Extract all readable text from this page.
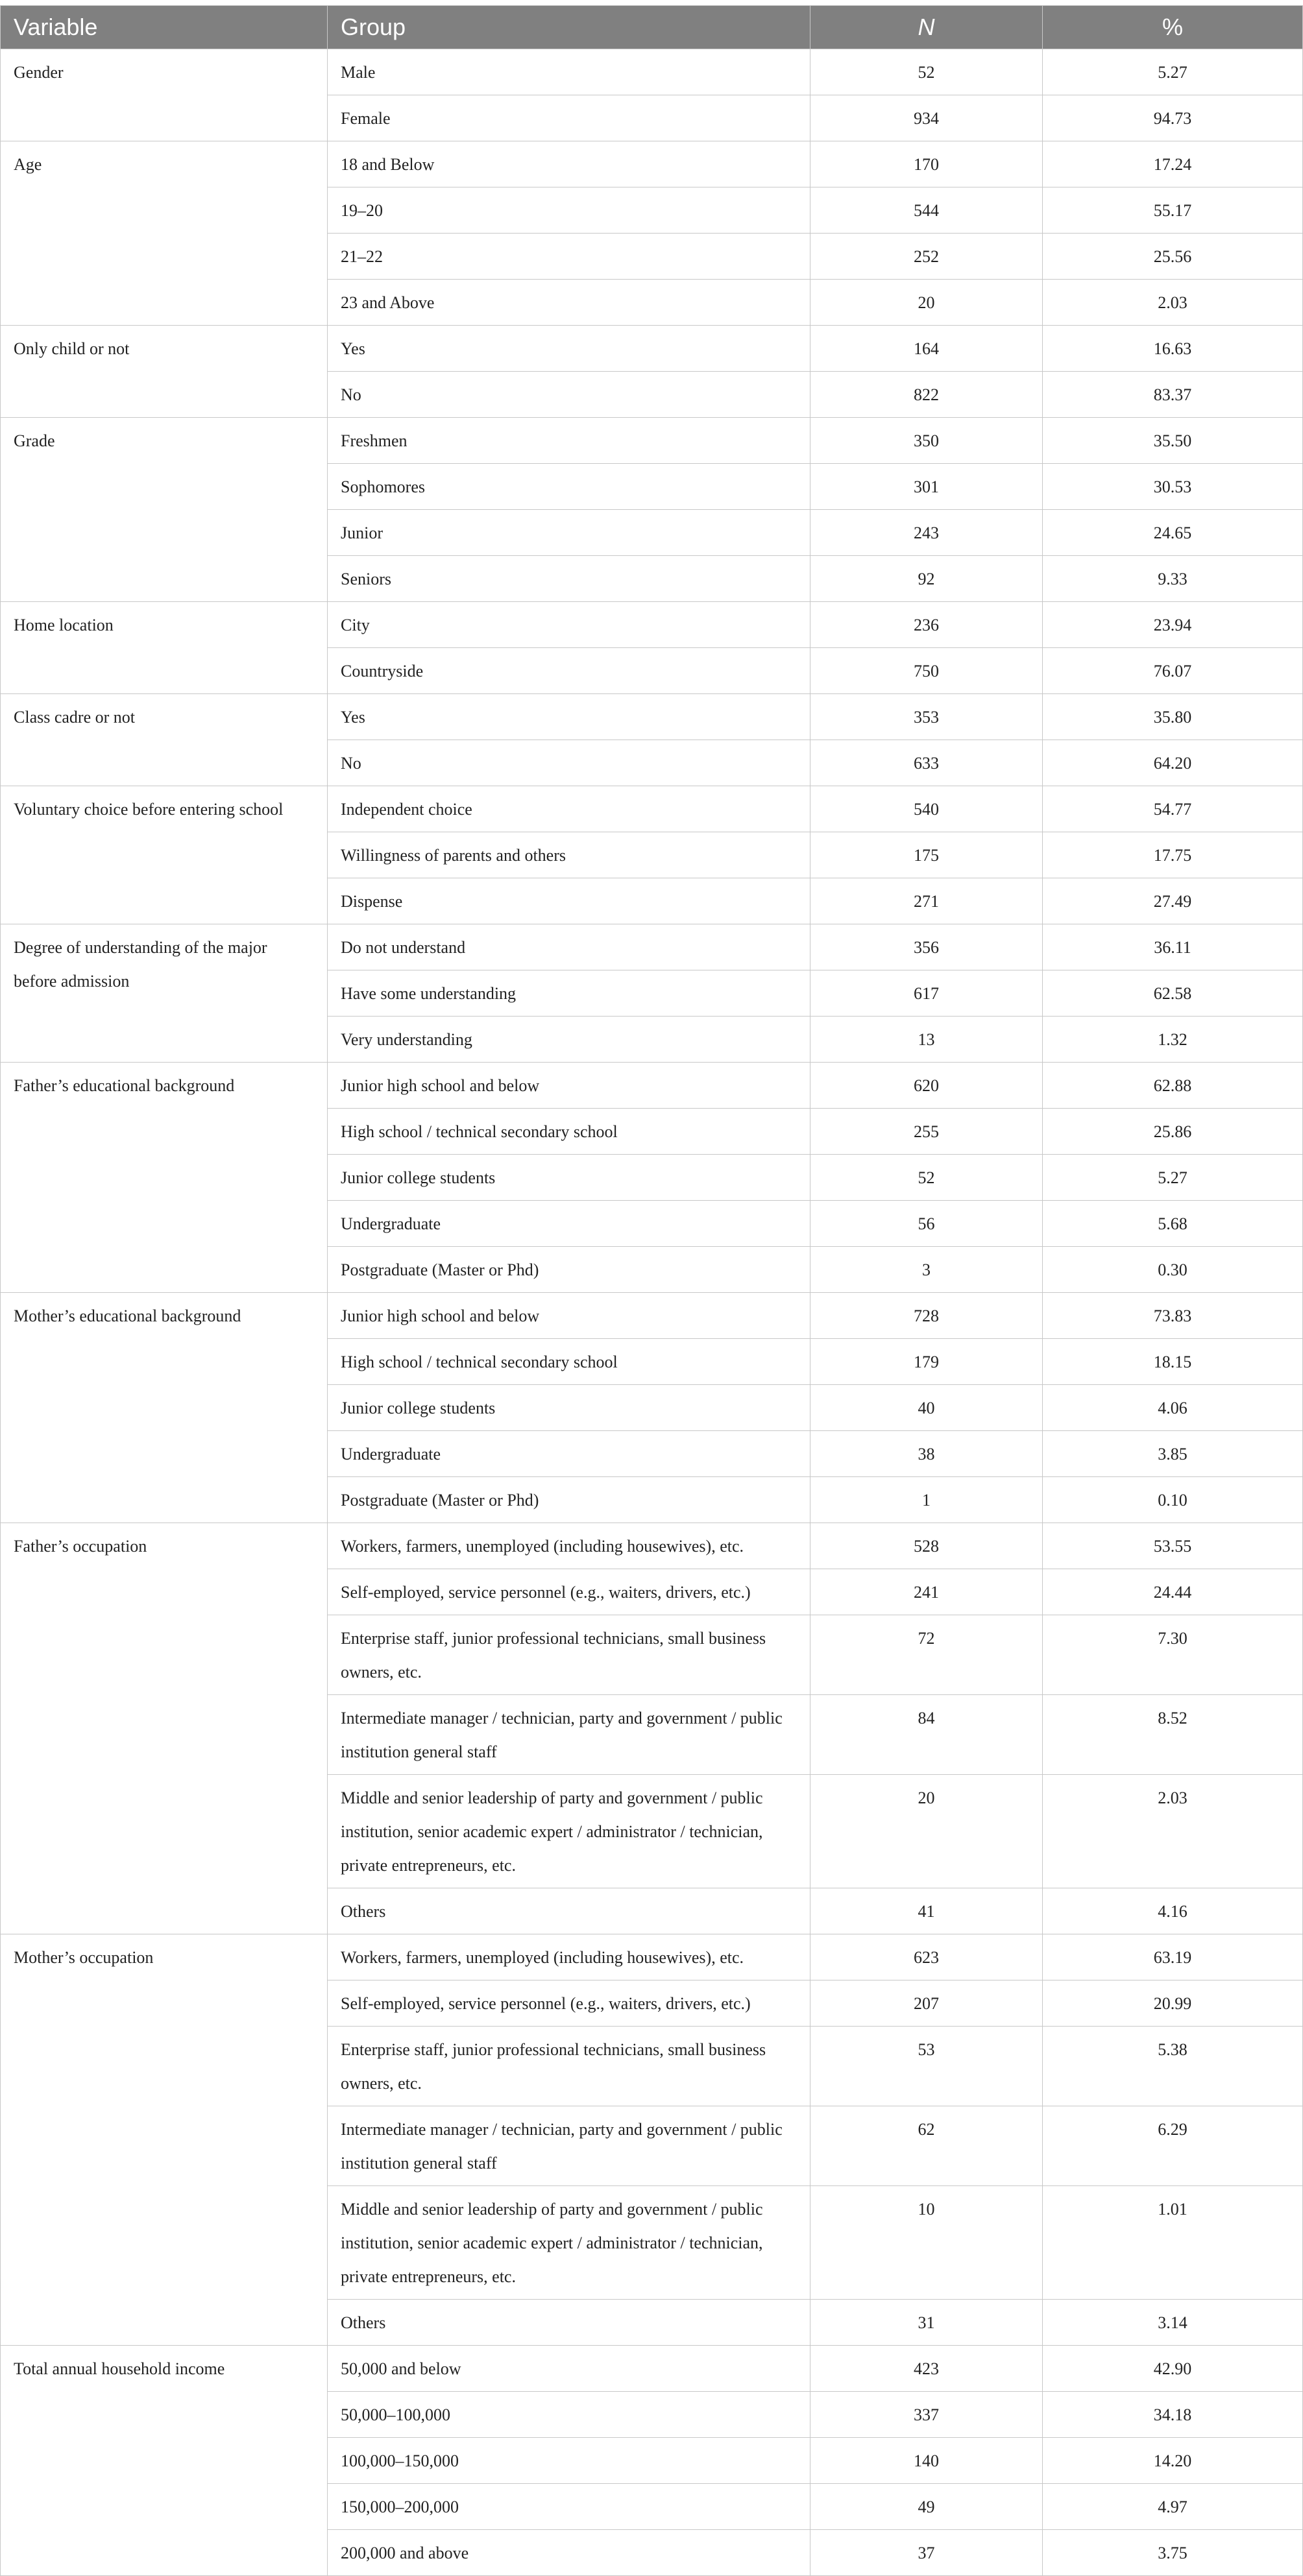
Variable	Group	N	%
Gender	Male	52	5.27
	Female	934	94.73
Age	18 and Below	170	17.24
	19–20	544	55.17
	21–22	252	25.56
	23 and Above	20	2.03
Only child or not	Yes	164	16.63
	No	822	83.37
Grade	Freshmen	350	35.50
	Sophomores	301	30.53
	Junior	243	24.65
	Seniors	92	9.33
Home location	City	236	23.94
	Countryside	750	76.07
Class cadre or not	Yes	353	35.80
	No	633	64.20
Voluntary choice before entering school	Independent choice	540	54.77
	Willingness of parents and others	175	17.75
	Dispense	271	27.49
Degree of understanding of the major before admission	Do not understand	356	36.11
	Have some understanding	617	62.58
	Very understanding	13	1.32
Father’s educational background	Junior high school and below	620	62.88
	High school / technical secondary school	255	25.86
	Junior college students	52	5.27
	Undergraduate	56	5.68
	Postgraduate (Master or Phd)	3	0.30
Mother’s educational background	Junior high school and below	728	73.83
	High school / technical secondary school	179	18.15
	Junior college students	40	4.06
	Undergraduate	38	3.85
	Postgraduate (Master or Phd)	1	0.10
Father’s occupation	Workers, farmers, unemployed (including housewives), etc.	528	53.55
	Self-employed, service personnel (e.g., waiters, drivers, etc.)	241	24.44
	Enterprise staff, junior professional technicians, small business owners, etc.	72	7.30
	Intermediate manager / technician, party and government / public institution general staff	84	8.52
	Middle and senior leadership of party and government / public institution, senior academic expert / administrator / technician, private entrepreneurs, etc.	20	2.03
	Others	41	4.16
Mother’s occupation	Workers, farmers, unemployed (including housewives), etc.	623	63.19
	Self-employed, service personnel (e.g., waiters, drivers, etc.)	207	20.99
	Enterprise staff, junior professional technicians, small business owners, etc.	53	5.38
	Intermediate manager / technician, party and government / public institution general staff	62	6.29
	Middle and senior leadership of party and government / public institution, senior academic expert / administrator / technician, private entrepreneurs, etc.	10	1.01
	Others	31	3.14
Total annual household income	50,000 and below	423	42.90
	50,000–100,000	337	34.18
	100,000–150,000	140	14.20
	150,000–200,000	49	4.97
	200,000 and above	37	3.75
